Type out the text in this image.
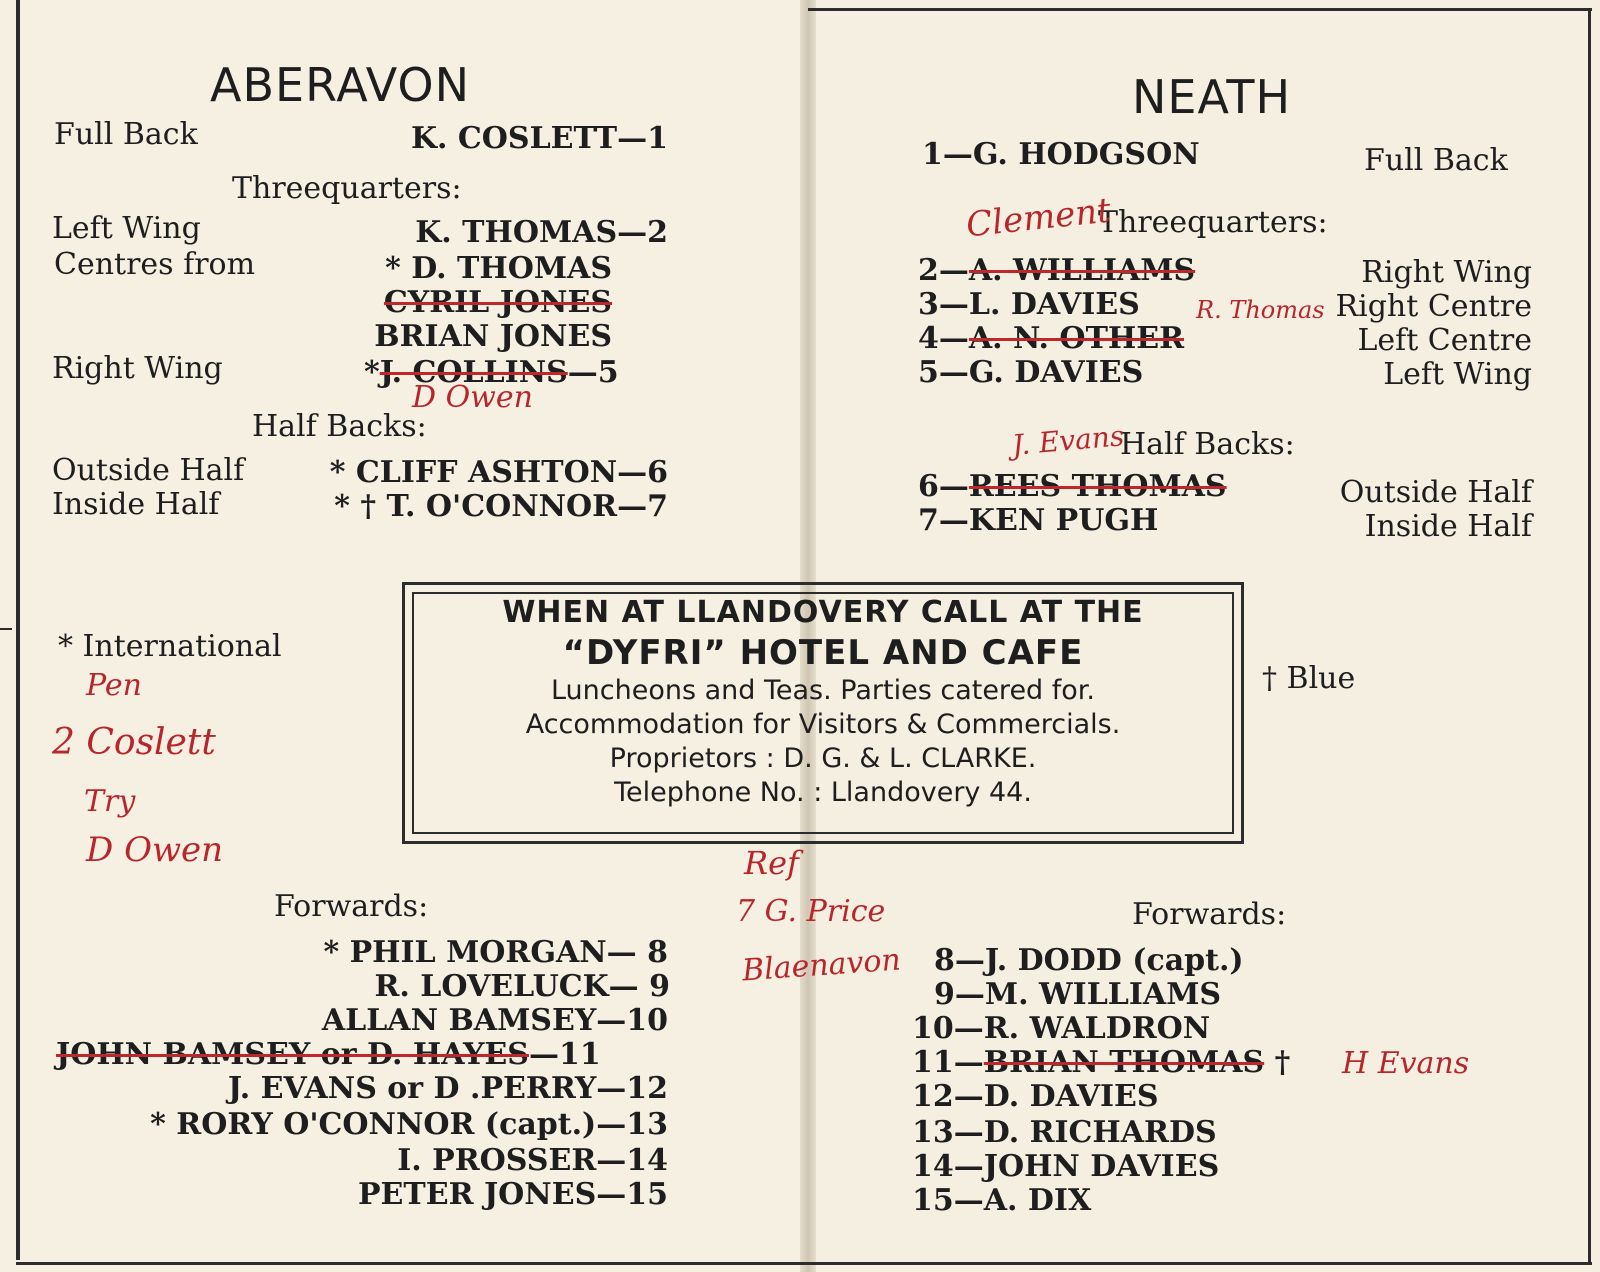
ABERAVON
Full Back	K. COSLETT—1
Threequarters:
Left Wing	K. THOMAS—2
Centres from	* D. THOMAS
CYRIL JONES
BRIAN JONES
Right Wing	*J. COLLINS—5
Half Backs:
Outside Half	* CLIFF ASHTON—6
Inside Half	* † T. O'CONNOR—7
* International
Forwards:
* PHIL MORGAN— 8
R. LOVELUCK— 9
ALLAN BAMSEY—10
JOHN BAMSEY or D. HAYES—11
J. EVANS or D .PERRY—12
* RORY O'CONNOR (capt.)—13
I. PROSSER—14
PETER JONES—15
NEATH
1—G. HODGSON	Full Back
Threequarters:
2—A. WILLIAMS	Right Wing
3—L. DAVIES	Right Centre
4—A. N. OTHER	Left Centre
5—G. DAVIES	Left Wing
Half Backs:
6—REES THOMAS	Outside Half
7—KEN PUGH	Inside Half
† Blue
Forwards:
8—J. DODD (capt.)
9—M. WILLIAMS
10—R. WALDRON
11—BRIAN THOMAS †
12—D. DAVIES
13—D. RICHARDS
14—JOHN DAVIES
15—A. DIX
WHEN AT LLANDOVERY CALL AT THE
“DYFRI” HOTEL AND CAFE
Luncheons and Teas. Parties catered for.
Accommodation for Visitors & Commercials.
Proprietors : D. G. & L. CLARKE.
Telephone No. : Llandovery 44.
Clement
D Owen
R. Thomas
J. Evans
Pen
2 Coslett
Try
D Owen	Ref
7 G. Price
Blaenavon
H Evans
